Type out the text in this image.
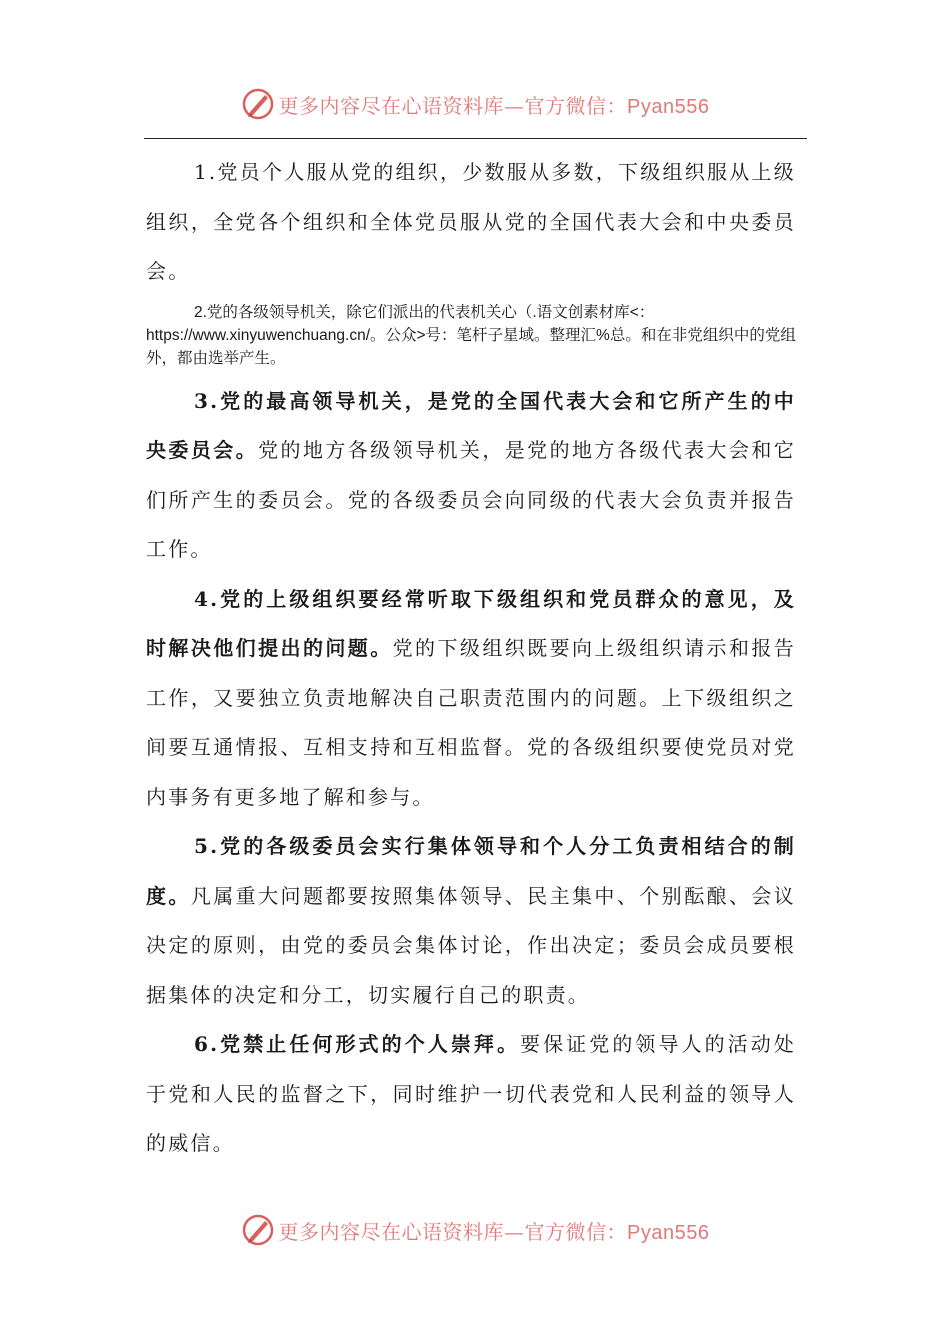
更多内容尽在心语资料库—官方微信：Pyan556

1.党员个人服从党的组织，少数服从多数，下级组织服从上级组织，全党各个组织和全体党员服从党的全国代表大会和中央委员会。

2.党的各级领导机关，除它们派出的代表机关心（.语文创素材库<：
https://www.xinyuwenchuang.cn/。公众>号：笔杆子星域。整理汇%总。和在非党组织中的党组外，都由选举产生。

3.党的最高领导机关，是党的全国代表大会和它所产生的中央委员会。党的地方各级领导机关，是党的地方各级代表大会和它们所产生的委员会。党的各级委员会向同级的代表大会负责并报告工作。

4.党的上级组织要经常听取下级组织和党员群众的意见，及时解决他们提出的问题。党的下级组织既要向上级组织请示和报告工作，又要独立负责地解决自己职责范围内的问题。上下级组织之间要互通情报、互相支持和互相监督。党的各级组织要使党员对党内事务有更多地了解和参与。

5.党的各级委员会实行集体领导和个人分工负责相结合的制度。凡属重大问题都要按照集体领导、民主集中、个别酝酿、会议决定的原则，由党的委员会集体讨论，作出决定；委员会成员要根据集体的决定和分工，切实履行自己的职责。

6.党禁止任何形式的个人崇拜。要保证党的领导人的活动处于党和人民的监督之下，同时维护一切代表党和人民利益的领导人的威信。

更多内容尽在心语资料库—官方微信：Pyan556
